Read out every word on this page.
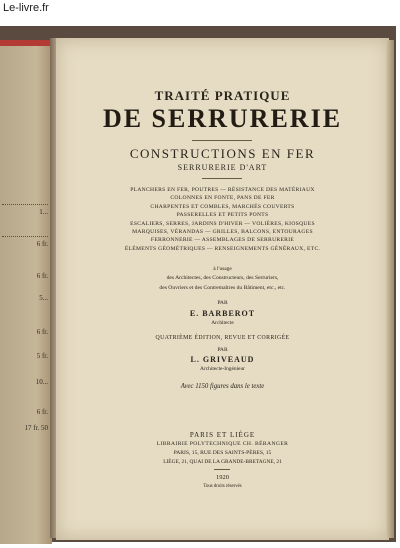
Le-livre.fr
1...
6 fr.
6 fr.
5...
6 fr.
5 fr.
10...
6 fr.
17 fr. 50
TRAITÉ PRATIQUE
DE SERRURERIE
CONSTRUCTIONS EN FER
SERRURERIE D'ART
PLANCHERS EN FER, POUTRES — RÉSISTANCE DES MATÉRIAUX
COLONNES EN FONTE, PANS DE FER
CHARPENTES ET COMBLES, MARCHÉS COUVERTS
PASSERELLES ET PETITS PONTS
ESCALIERS, SERRES, JARDINS D'HIVER — VOLIÈRES, KIOSQUES
MARQUISES, VÉRANDAS — GRILLES, BALCONS, ENTOURAGES
FERRONNERIE — ASSEMBLAGES DE SERRURERIE
ÉLÉMENTS GÉOMÉTRIQUES — RENSEIGNEMENTS GÉNÉRAUX, ETC.
à l'usage
des Architectes, des Constructeurs, des Serruriers,
des Ouvriers et des Contremaîtres du Bâtiment, etc., etc.
PAR
E. BARBEROT
Architecte
QUATRIÈME ÉDITION, REVUE ET CORRIGÉE
PAR
L. GRIVEAUD
Architecte-Ingénieur
Avec 1150 figures dans le texte
PARIS ET LIÈGE
LIBRAIRIE POLYTECHNIQUE CH. BÉRANGER
PARIS, 15, RUE DES SAINTS-PÈRES, 15
LIÈGE, 21, QUAI DE LA GRANDE-BRETAGNE, 21
1920
Tous droits réservés
